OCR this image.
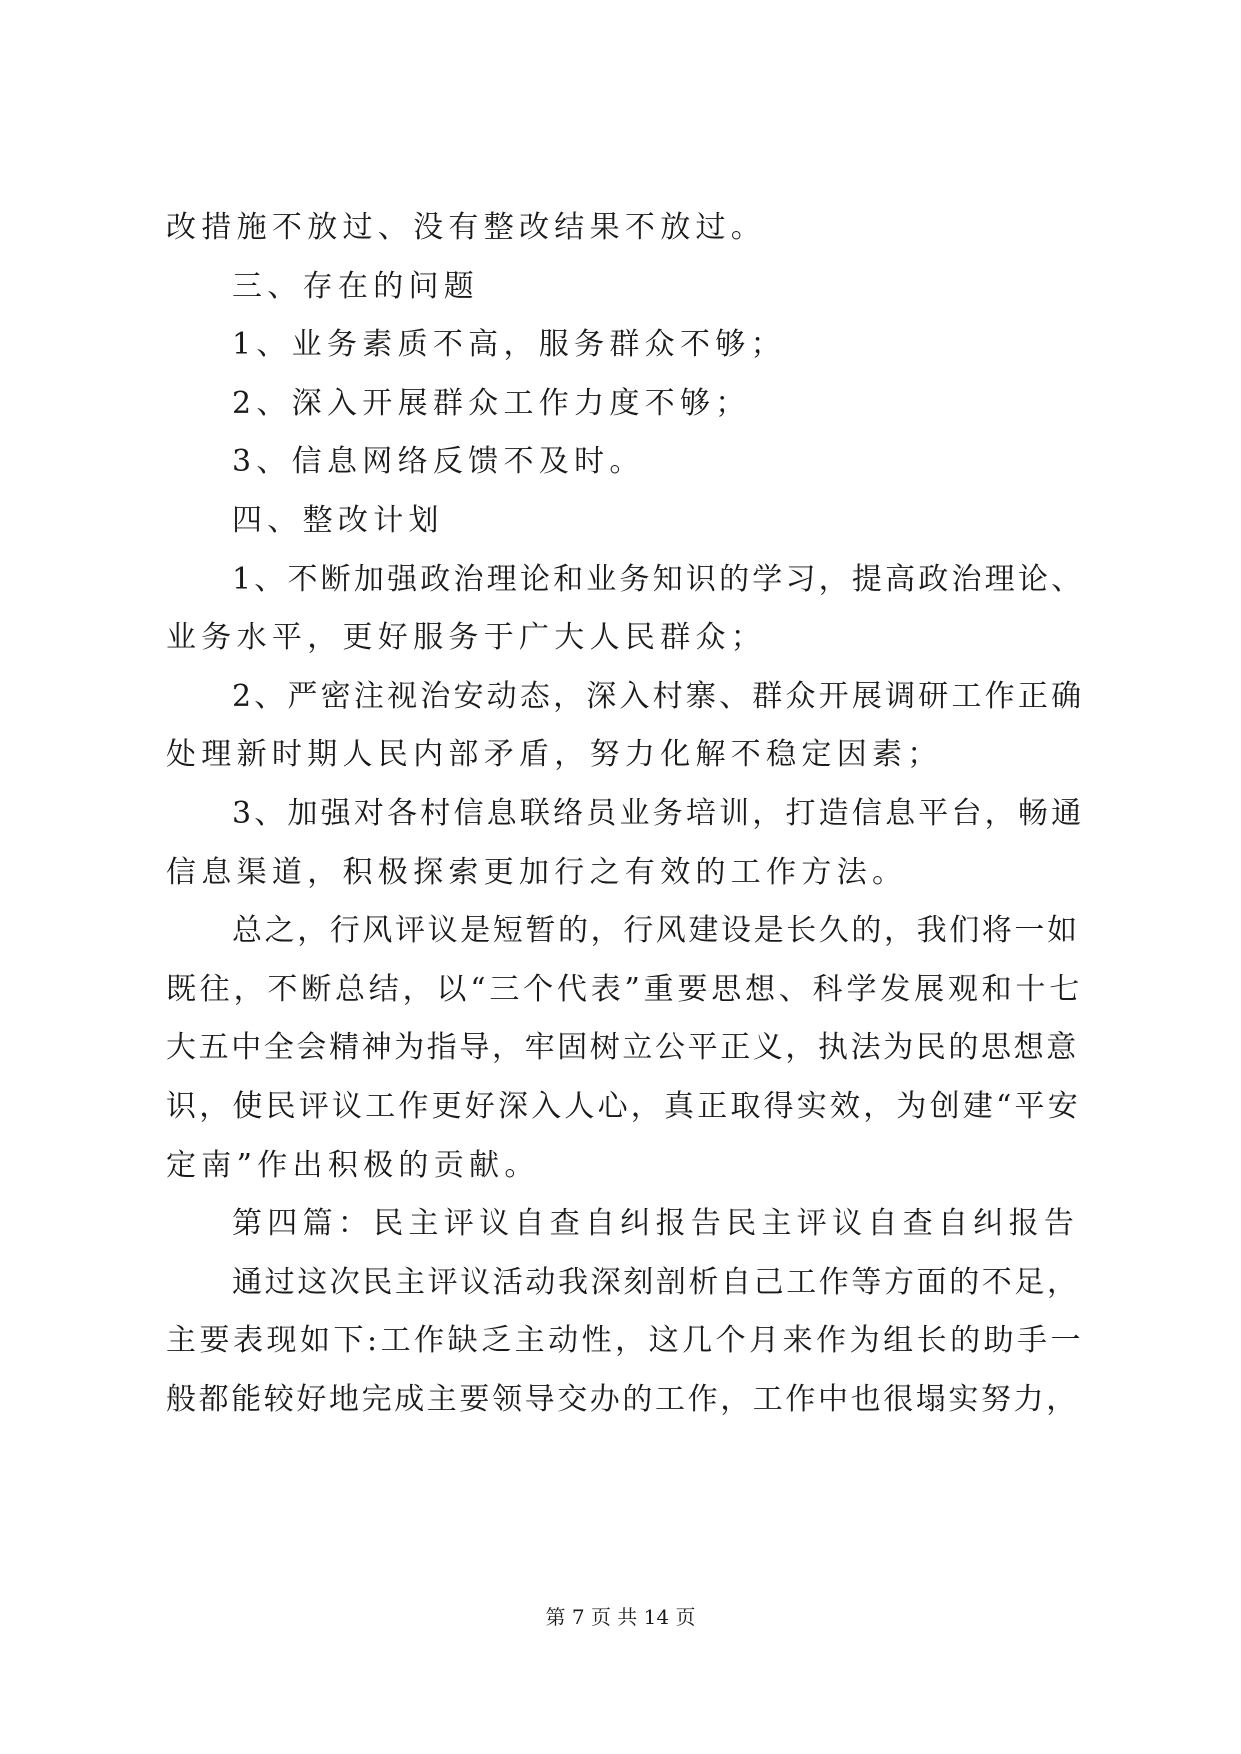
改措施不放过、没有整改结果不放过。
三、存在的问题
1、业务素质不高，服务群众不够；
2、深入开展群众工作力度不够；
3、信息网络反馈不及时。
四、整改计划
1、不断加强政治理论和业务知识的学习，提高政治理论、
业务水平，更好服务于广大人民群众；
2、严密注视治安动态，深入村寨、群众开展调研工作正确
处理新时期人民内部矛盾，努力化解不稳定因素；
3、加强对各村信息联络员业务培训，打造信息平台，畅通
信息渠道，积极探索更加行之有效的工作方法。
总之，行风评议是短暂的，行风建设是长久的，我们将一如
既往，不断总结，以“三个代表”重要思想、科学发展观和十七
大五中全会精神为指导，牢固树立公平正义，执法为民的思想意
识，使民评议工作更好深入人心，真正取得实效，为创建“平安
定南”作出积极的贡献。
第四篇：民主评议自查自纠报告民主评议自查自纠报告
通过这次民主评议活动我深刻剖析自己工作等方面的不足，
主要表现如下:工作缺乏主动性，这几个月来作为组长的助手一
般都能较好地完成主要领导交办的工作，工作中也很塌实努力，
第 7 页 共 14 页
